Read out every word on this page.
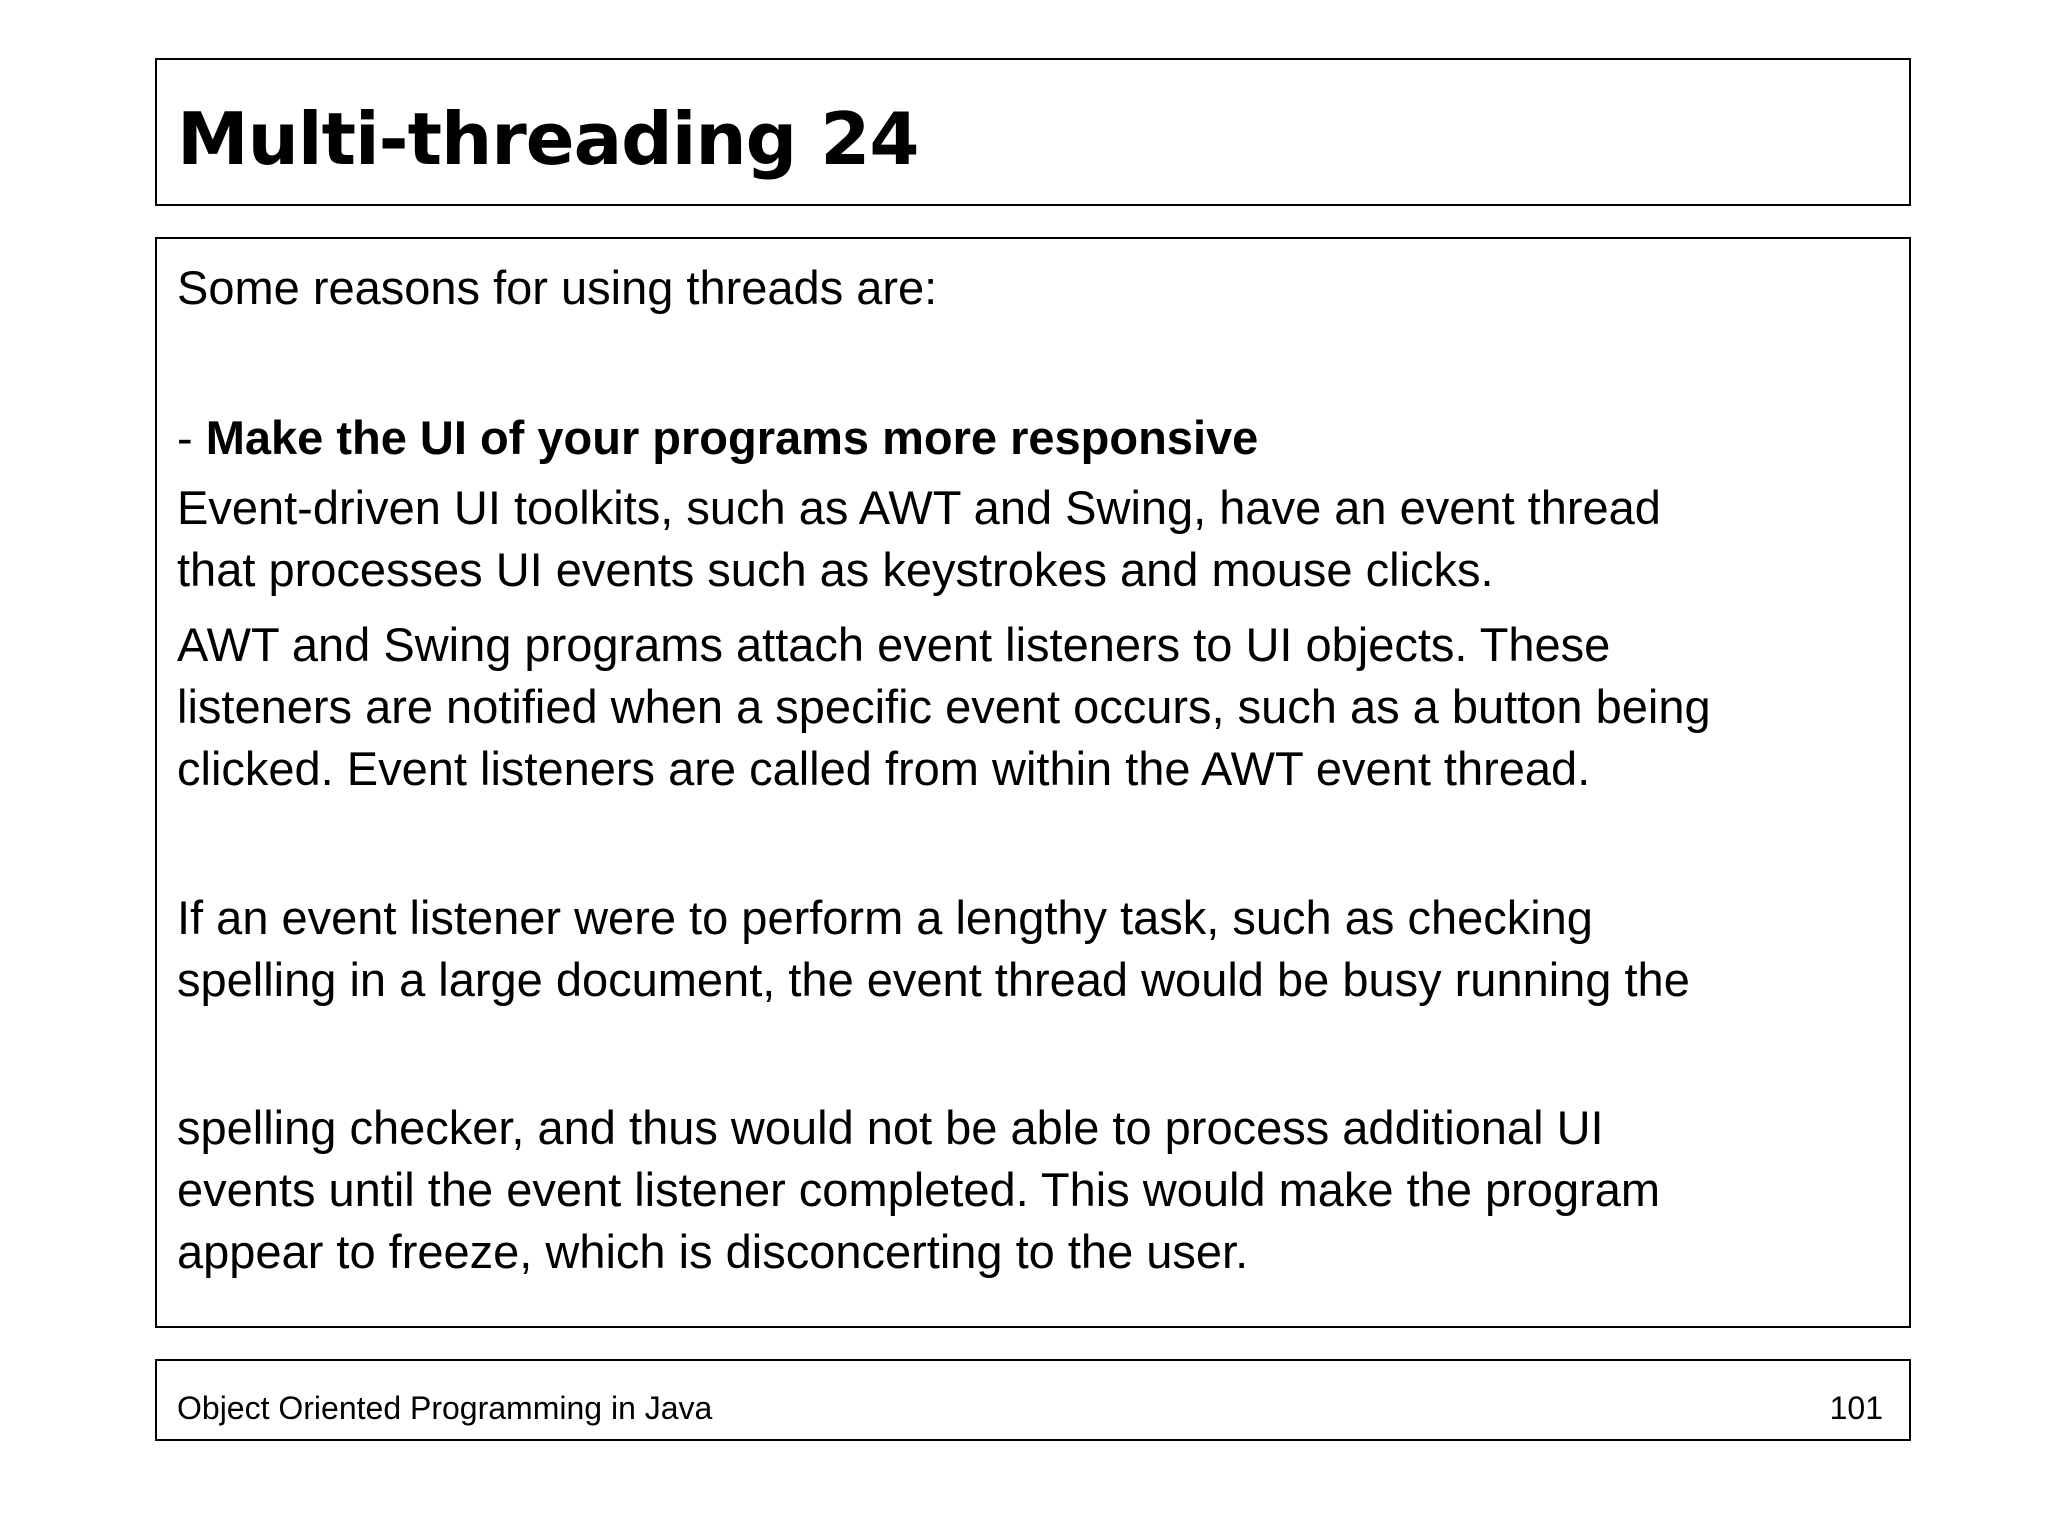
Multi-threading 24

Some reasons for using threads are:

- Make the UI of your programs more responsive

Event-driven UI toolkits, such as AWT and Swing, have an event thread

that processes UI events such as keystrokes and mouse clicks.

AWT and Swing programs attach event listeners to UI objects. These

listeners are notified when a specific event occurs, such as a button being

clicked. Event listeners are called from within the AWT event thread.

If an event listener were to perform a lengthy task, such as checking

spelling in a large document, the event thread would be busy running the

spelling checker, and thus would not be able to process additional UI

events until the event listener completed. This would make the program

appear to freeze, which is disconcerting to the user.

Object Oriented Programming in Java	101
